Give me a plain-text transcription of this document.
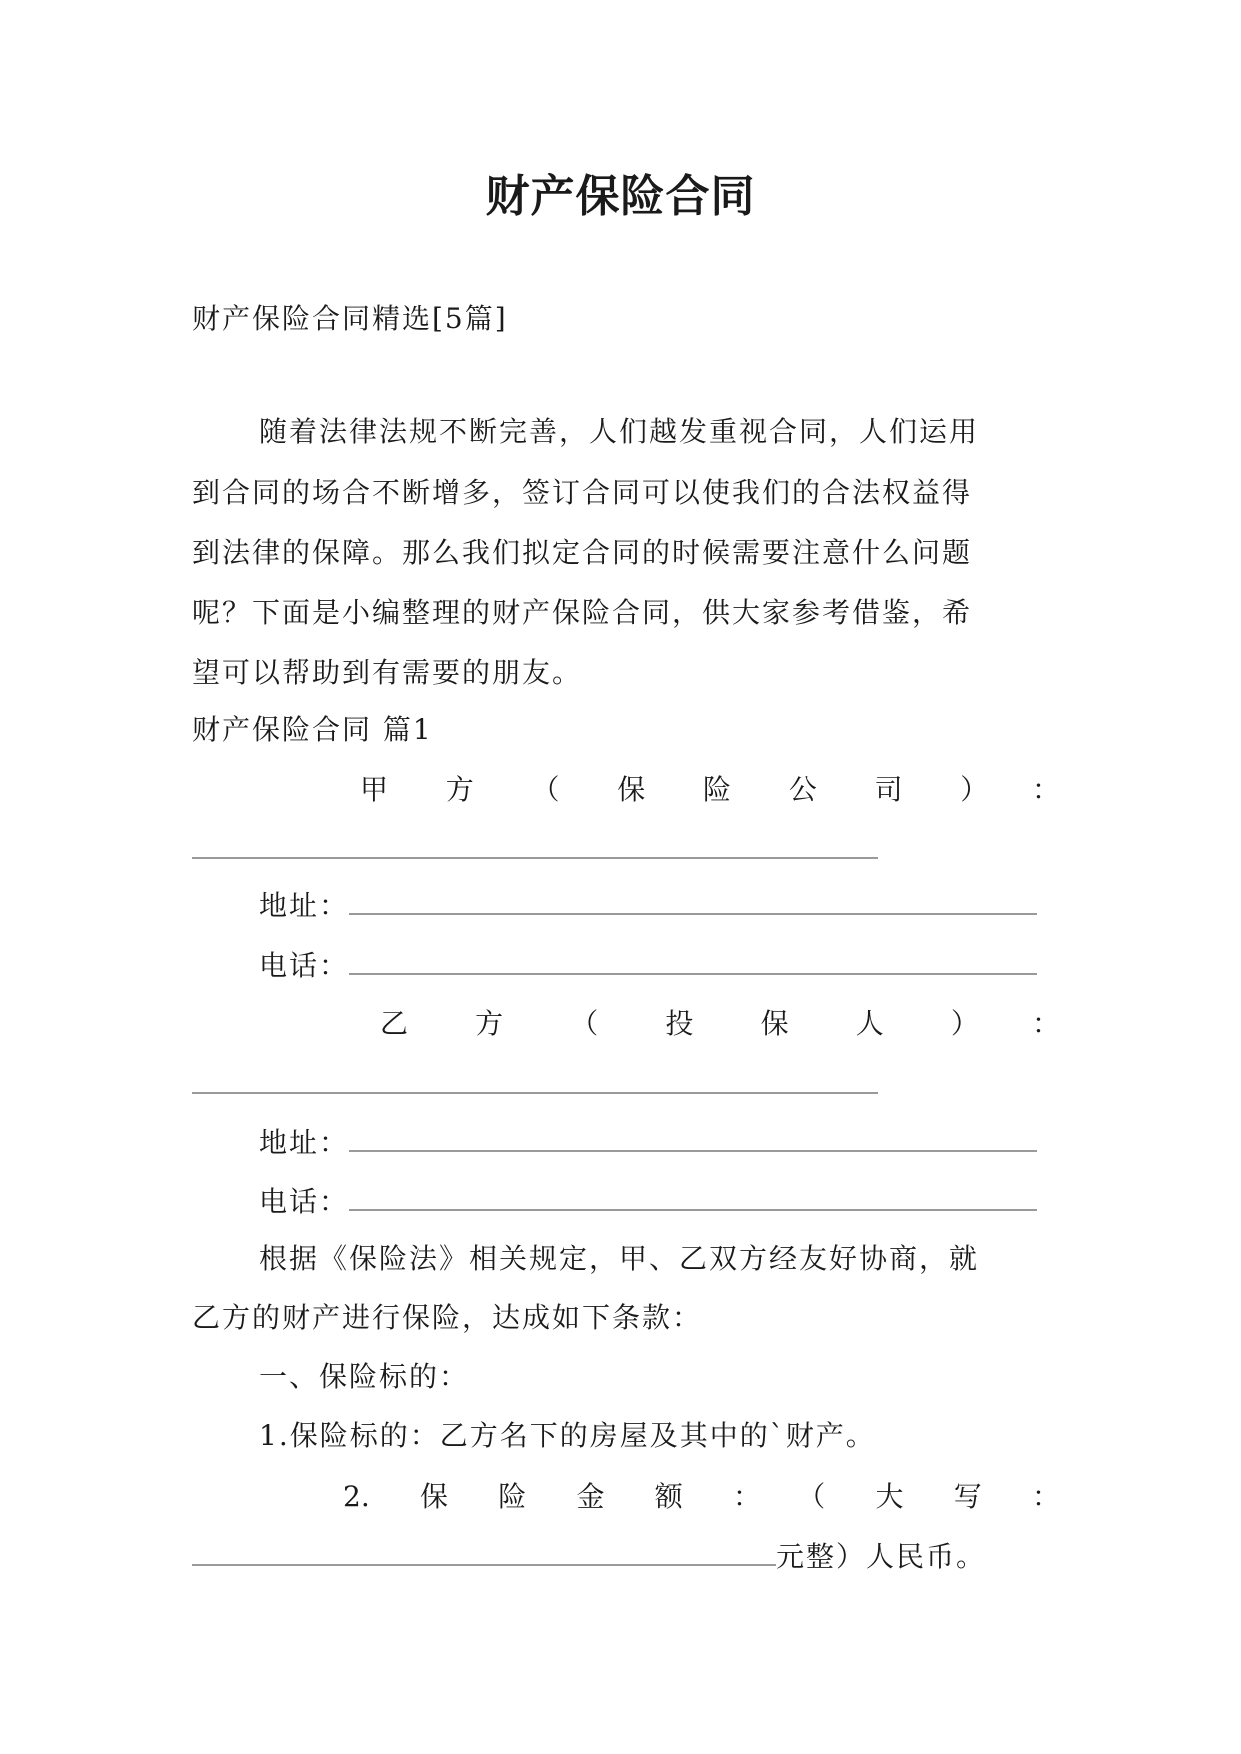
财产保险合同
财产保险合同精选[5篇]
随着法律法规不断完善，人们越发重视合同，人们运用
到合同的场合不断增多，签订合同可以使我们的合法权益得
到法律的保障。那么我们拟定合同的时候需要注意什么问题
呢？下面是小编整理的财产保险合同，供大家参考借鉴，希
望可以帮助到有需要的朋友。
财产保险合同 篇1
甲方（保险公司）：
地址：
电话：
乙方（投保人）：
地址：
电话：
根据《保险法》相关规定，甲、乙双方经友好协商，就
乙方的财产进行保险，达成如下条款：
一、保险标的：
1.保险标的：乙方名下的房屋及其中的`财产。
2.保险金额：（大写：
元整）人民币。
